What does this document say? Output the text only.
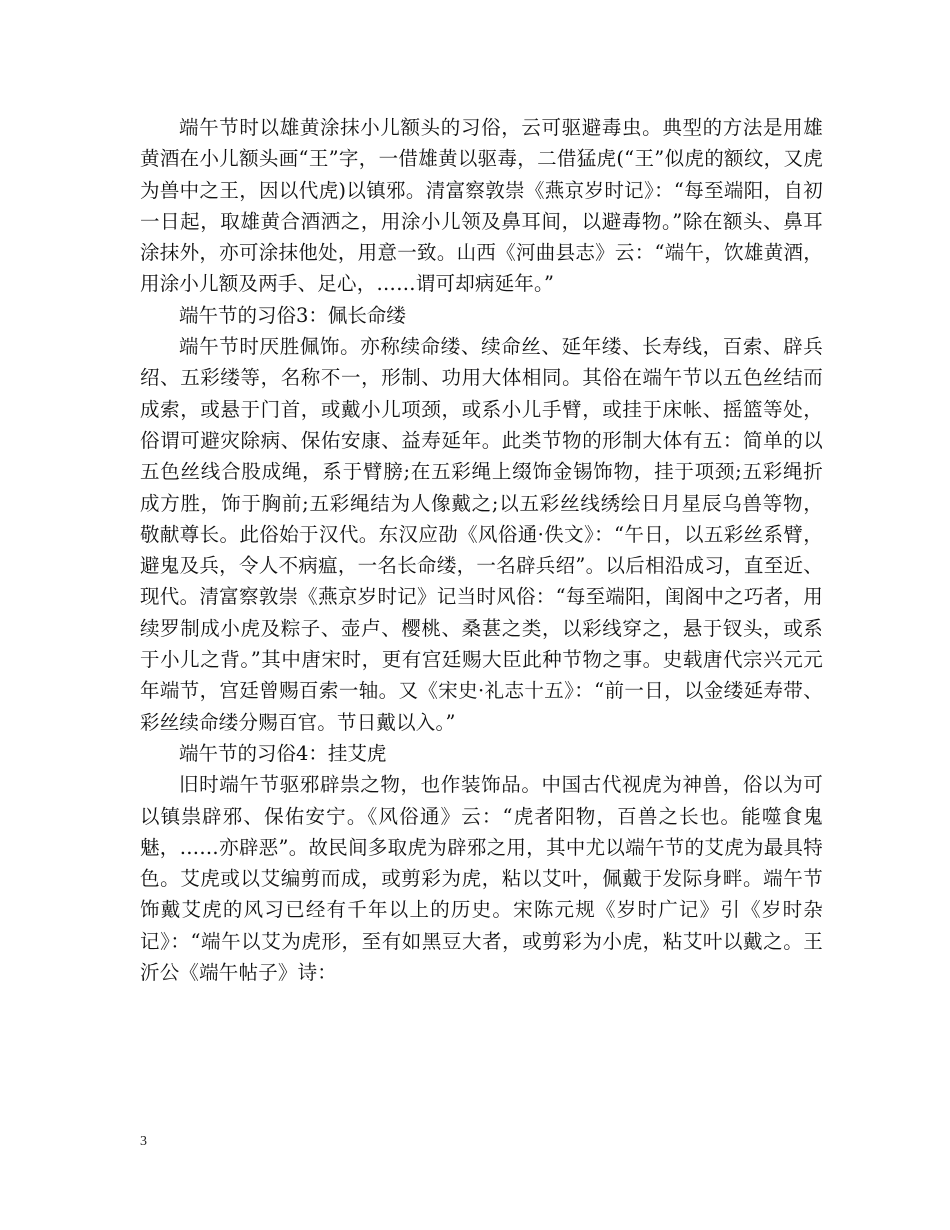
端午节时以雄黄涂抹小儿额头的习俗，云可驱避毒虫。典型的方法是用雄黄酒在小儿额头画“王”字，一借雄黄以驱毒，二借猛虎(“王”似虎的额纹，又虎为兽中之王，因以代虎)以镇邪。清富察敦崇《燕京岁时记》：“每至端阳，自初一日起，取雄黄合酒洒之，用涂小儿领及鼻耳间，以避毒物。”除在额头、鼻耳涂抹外，亦可涂抹他处，用意一致。山西《河曲县志》云：“端午，饮雄黄酒，用涂小儿额及两手、足心，……谓可却病延年。”

端午节的习俗3：佩长命缕

端午节时厌胜佩饰。亦称续命缕、续命丝、延年缕、长寿线，百索、辟兵绍、五彩缕等，名称不一，形制、功用大体相同。其俗在端午节以五色丝结而成索，或悬于门首，或戴小儿项颈，或系小儿手臂，或挂于床帐、摇篮等处，俗谓可避灾除病、保佑安康、益寿延年。此类节物的形制大体有五：简单的以五色丝线合股成绳，系于臂膀;在五彩绳上缀饰金锡饰物，挂于项颈;五彩绳折成方胜，饰于胸前;五彩绳结为人像戴之;以五彩丝线绣绘日月星辰乌兽等物，敬献尊长。此俗始于汉代。东汉应劭《风俗通·佚文》：“午日，以五彩丝系臂，避鬼及兵，令人不病瘟，一名长命缕，一名辟兵绍”。以后相沿成习，直至近、现代。清富察敦崇《燕京岁时记》记当时风俗：“每至端阳，闺阁中之巧者，用续罗制成小虎及粽子、壶卢、樱桃、桑葚之类，以彩线穿之，悬于钗头，或系于小儿之背。”其中唐宋时，更有宫廷赐大臣此种节物之事。史载唐代宗兴元元年端节，宫廷曾赐百索一轴。又《宋史·礼志十五》：“前一日，以金缕延寿带、彩丝续命缕分赐百官。节日戴以入。”

端午节的习俗4：挂艾虎

旧时端午节驱邪辟祟之物，也作装饰品。中国古代视虎为神兽，俗以为可以镇祟辟邪、保佑安宁。《风俗通》云：“虎者阳物，百兽之长也。能噬食鬼魅，……亦辟恶”。故民间多取虎为辟邪之用，其中尤以端午节的艾虎为最具特色。艾虎或以艾编剪而成，或剪彩为虎，粘以艾叶，佩戴于发际身畔。端午节饰戴艾虎的风习已经有千年以上的历史。宋陈元规《岁时广记》引《岁时杂记》：“端午以艾为虎形，至有如黑豆大者，或剪彩为小虎，粘艾叶以戴之。王沂公《端午帖子》诗：

3
